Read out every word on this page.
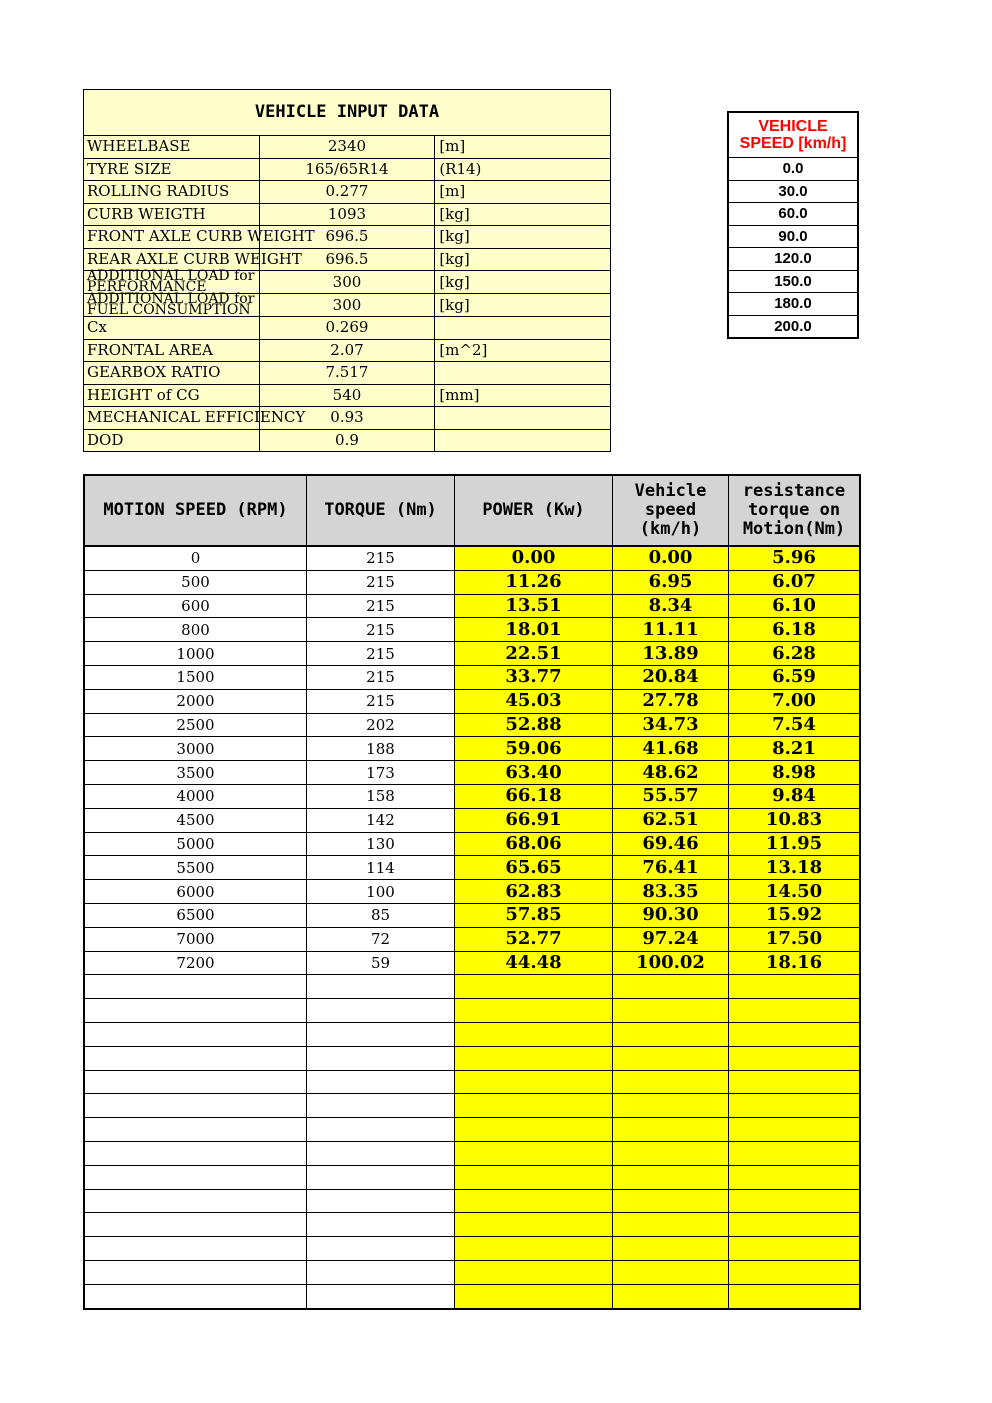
VEHICLE INPUT DATA		
WHEELBASE	2340	[m]
TYRE SIZE	165/65R14	(R14)
ROLLING RADIUS	0.277	[m]
CURB WEIGTH	1093	[kg]
FRONT AXLE CURB WEIGHT	696.5	[kg]
REAR AXLE CURB WEIGHT	696.5	[kg]
ADDITIONAL LOAD for PERFORMANCE	300	[kg]
ADDITIONAL LOAD for FUEL CONSUMPTION	300	[kg]
Cx	0.269	
FRONTAL AREA	2.07	[m^2]
GEARBOX RATIO	7.517	
HEIGHT of CG	540	[mm]
MECHANICAL EFFICIENCY	0.93	
DOD	0.9	
VEHICLE SPEED [km/h]
0.0
30.0
60.0
90.0
120.0
150.0
180.0
200.0
MOTION SPEED (RPM)	TORQUE (Nm)	POWER (Kw)	Vehicle speed (km/h)	resistance torque on Motion(Nm)
0	215	0.00	0.00	5.96
500	215	11.26	6.95	6.07
600	215	13.51	8.34	6.10
800	215	18.01	11.11	6.18
1000	215	22.51	13.89	6.28
1500	215	33.77	20.84	6.59
2000	215	45.03	27.78	7.00
2500	202	52.88	34.73	7.54
3000	188	59.06	41.68	8.21
3500	173	63.40	48.62	8.98
4000	158	66.18	55.57	9.84
4500	142	66.91	62.51	10.83
5000	130	68.06	69.46	11.95
5500	114	65.65	76.41	13.18
6000	100	62.83	83.35	14.50
6500	85	57.85	90.30	15.92
7000	72	52.77	97.24	17.50
7200	59	44.48	100.02	18.16
